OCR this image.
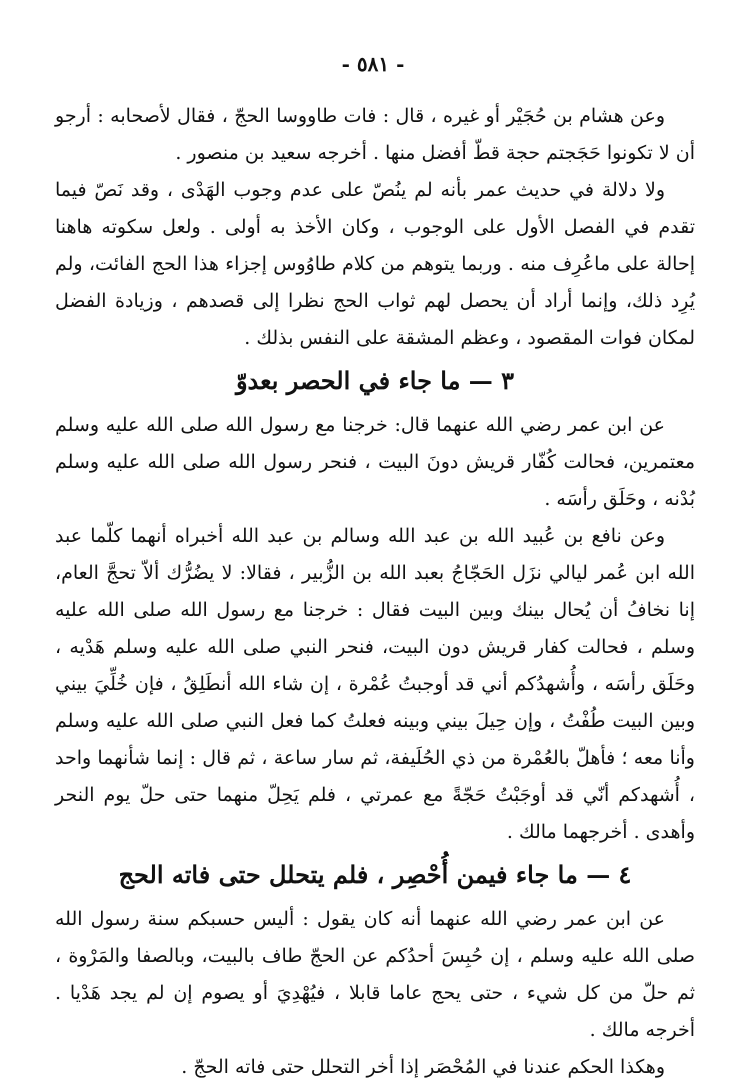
- ٥٨١ -

وعن هشام بن حُجَيْر أو غيره ، قال : فات طاووسا الحجّ ، فقال لأصحابه : أرجو أن لا تكونوا حَجَجتم حجة قطّ أفضل منها . أخرجه سعيد بن منصور .

ولا دلالة في حديث عمر بأنه لم ينُصّ على عدم وجوب الهَدْى ، وقد نَصّ فيما تقدم في الفصل الأول على الوجوب ، وكان الأخذ به أولى . ولعل سكوته هاهنا إحالة على ماعُرِف منه . وربما يتوهم من كلام طاوُوس إجزاء هذا الحج الفائت، ولم يُرِد ذلك، وإنما أراد أن يحصل لهم ثواب الحج نظرا إلى قصدهم ، وزيادة الفضل لمكان فوات المقصود ، وعظم المشقة على النفس بذلك .

٣ — ما جاء في الحصر بعدوّ

عن ابن عمر رضي الله عنهما قال: خرجنا مع رسول الله صلى الله عليه وسلم معتمرين، فحالت كُفّار قريش دونَ البيت ، فنحر رسول الله صلى الله عليه وسلم بُدْنه ، وحَلَق رأسَه .

وعن نافع بن عُبيد الله بن عبد الله وسالم بن عبد الله أخبراه أنهما كلّما عبد الله ابن عُمر ليالي نزَل الحَجّاجُ بعبد الله بن الزُّبير ، فقالا: لا يضُرُّك ألاّ تحجَّ العام، إنا نخافُ أن يُحال بينك وبين البيت فقال : خرجنا مع رسول الله صلى الله عليه وسلم ، فحالت كفار قريش دون البيت، فنحر النبي صلى الله عليه وسلم هَدْيه ، وحَلَق رأسَه ، وأُشهدُكم أني قد أوجبتُ عُمْرة ، إن شاء الله أنطَلِقُ ، فإن خُلِّيَ بيني وبين البيت طُفْتُ ، وإن حِيلَ بيني وبينه فعلتُ كما فعل النبي صلى الله عليه وسلم وأنا معه ؛ فأهلّ بالعُمْرة من ذي الحُلَيفة، ثم سار ساعة ، ثم قال : إنما شأنهما واحد ، أُشهدكم أنّي قد أوجَبْتُ حَجّةً مع عمرتي ، فلم يَحِلّ منهما حتى حلّ يوم النحر وأهدى . أخرجهما مالك .

٤ — ما جاء فيمن أُحْصِر ، فلم يتحلل حتى فاته الحج

عن ابن عمر رضي الله عنهما أنه كان يقول : أليس حسبكم سنة رسول الله صلى الله عليه وسلم ، إن حُبِسَ أحدُكم عن الحجّ طاف بالبيت، وبالصفا والمَرْوة ، ثم حلّ من كل شيء ، حتى يحج عاما قابلا ، فيُهْدِيَ أو يصوم إن لم يجد هَدْيا . أخرجه مالك .

وهكذا الحكم عندنا في المُحْصَر إذا أخر التحلل حتى فاته الحجّ .
